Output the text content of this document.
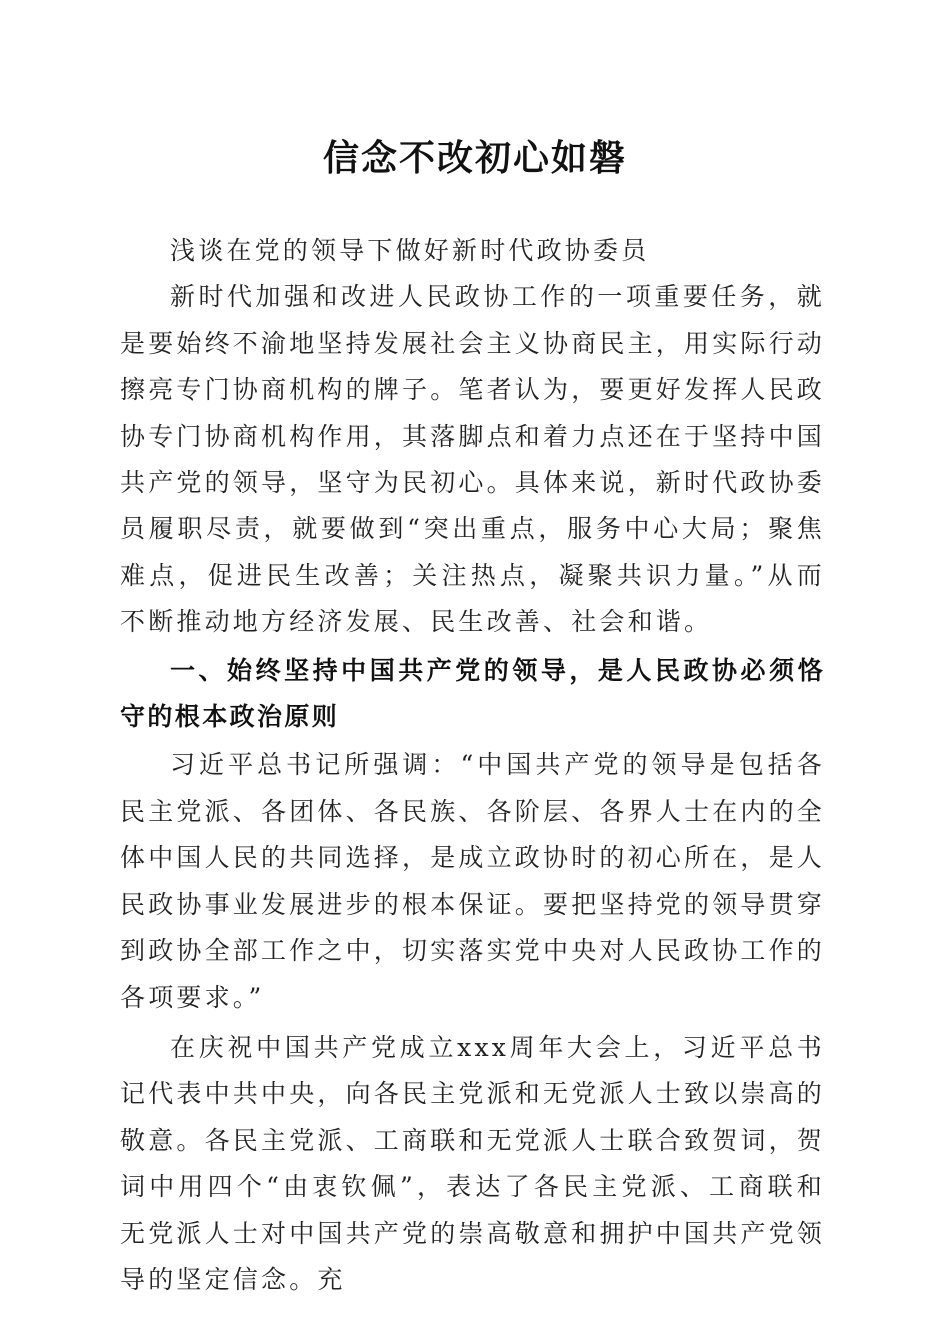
信念不改初心如磐

浅谈在党的领导下做好新时代政协委员

新时代加强和改进人民政协工作的一项重要任务，就是要始终不渝地坚持发展社会主义协商民主，用实际行动擦亮专门协商机构的牌子。笔者认为，要更好发挥人民政协专门协商机构作用，其落脚点和着力点还在于坚持中国共产党的领导，坚守为民初心。具体来说，新时代政协委员履职尽责，就要做到“突出重点，服务中心大局；聚焦难点，促进民生改善；关注热点，凝聚共识力量。”从而不断推动地方经济发展、民生改善、社会和谐。

一、始终坚持中国共产党的领导，是人民政协必须恪守的根本政治原则

习近平总书记所强调：“中国共产党的领导是包括各民主党派、各团体、各民族、各阶层、各界人士在内的全体中国人民的共同选择，是成立政协时的初心所在，是人民政协事业发展进步的根本保证。要把坚持党的领导贯穿到政协全部工作之中，切实落实党中央对人民政协工作的各项要求。”

在庆祝中国共产党成立xxx周年大会上，习近平总书记代表中共中央，向各民主党派和无党派人士致以崇高的敬意。各民主党派、工商联和无党派人士联合致贺词，贺词中用四个“由衷钦佩”，表达了各民主党派、工商联和无党派人士对中国共产党的崇高敬意和拥护中国共产党领导的坚定信念。充
